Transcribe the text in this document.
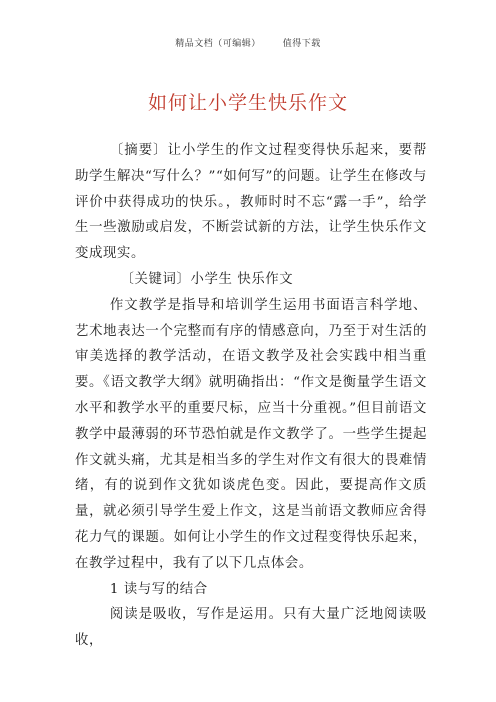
精品文档（可编辑） 值得下载
如何让小学生快乐作文

〔摘要〕让小学生的作文过程变得快乐起来，要帮助学生解决“写什么？”“如何写”的问题。让学生在修改与评价中获得成功的快乐。，教师时时不忘“露一手”，给学生一些激励或启发，不断尝试新的方法，让学生快乐作文变成现实。

〔关键词〕小学生 快乐作文

作文教学是指导和培训学生运用书面语言科学地、艺术地表达一个完整而有序的情感意向，乃至于对生活的审美选择的教学活动，在语文教学及社会实践中相当重要。《语文教学大纲》就明确指出：“作文是衡量学生语文水平和教学水平的重要尺标，应当十分重视。”但目前语文教学中最薄弱的环节恐怕就是作文教学了。一些学生提起作文就头痛，尤其是相当多的学生对作文有很大的畏难情绪，有的说到作文犹如谈虎色变。因此，要提高作文质量，就必须引导学生爱上作文，这是当前语文教师应舍得花力气的课题。如何让小学生的作文过程变得快乐起来，在教学过程中，我有了以下几点体会。

1 读与写的结合

阅读是吸收，写作是运用。只有大量广泛地阅读吸收，
